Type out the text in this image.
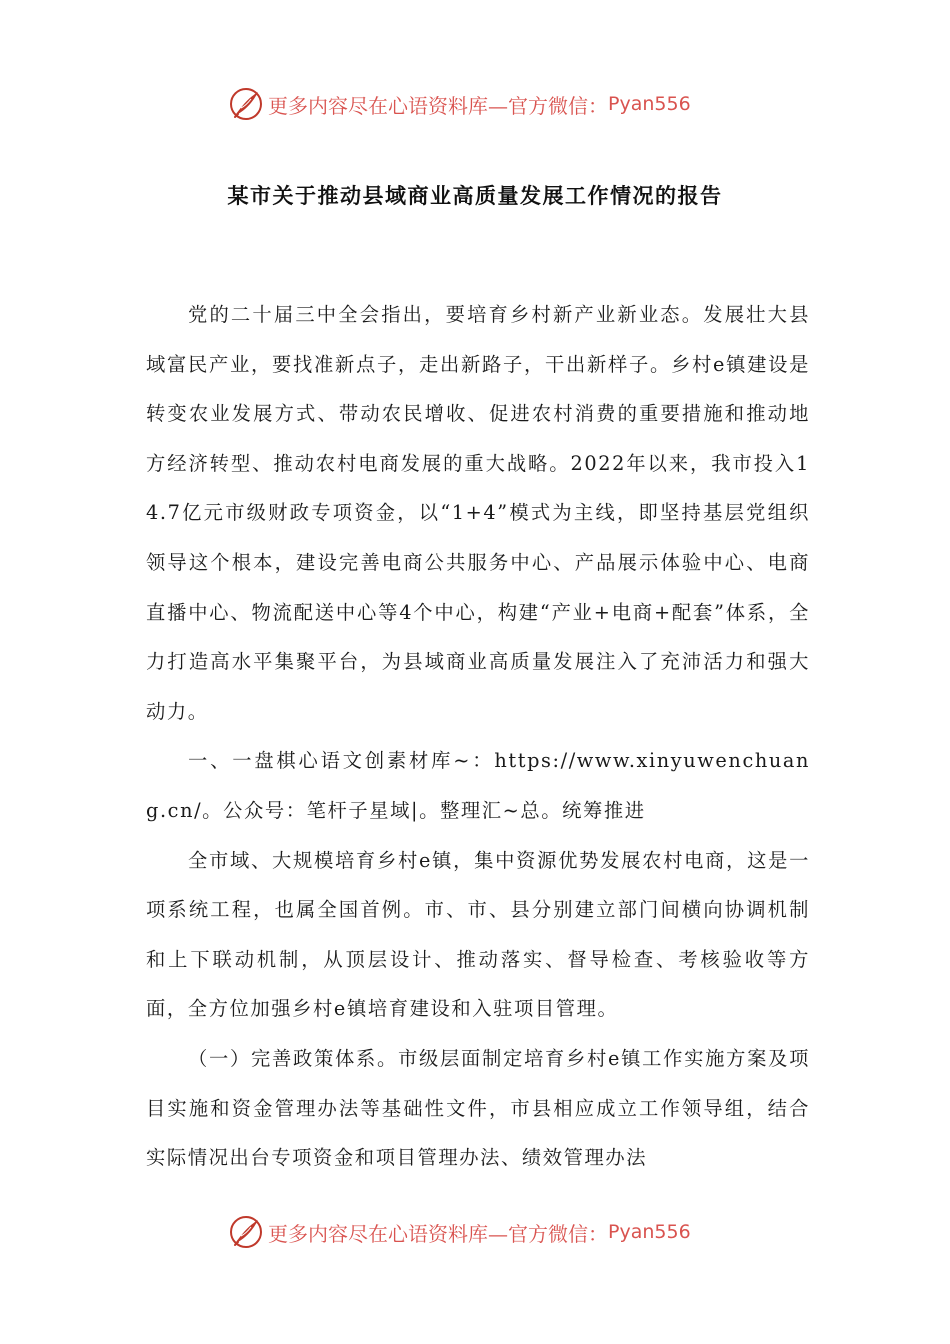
更多内容尽在心语资料库—官方微信： Pyan556
某市关于推动县域商业高质量发展工作情况的报告

党的二十届三中全会指出，要培育乡村新产业新业态。发展壮大县域富民产业，要找准新点子，走出新路子，干出新样子。乡村e镇建设是转变农业发展方式、带动农民增收、促进农村消费的重要措施和推动地方经济转型、推动农村电商发展的重大战略。2022年以来，我市投入14.7亿元市级财政专项资金，以“1+4”模式为主线，即坚持基层党组织领导这个根本，建设完善电商公共服务中心、产品展示体验中心、电商直播中心、物流配送中心等4个中心，构建“产业+电商+配套”体系，全力打造高水平集聚平台，为县域商业高质量发展注入了充沛活力和强大动力。

一、一盘棋心语文创素材库~：https://www.xinyuwenchuang.cn/。公众号：笔杆子星域|。整理汇~总。统筹推进

全市域、大规模培育乡村e镇，集中资源优势发展农村电商，这是一项系统工程，也属全国首例。市、市、县分别建立部门间横向协调机制和上下联动机制，从顶层设计、推动落实、督导检查、考核验收等方面，全方位加强乡村e镇培育建设和入驻项目管理。

（一）完善政策体系。市级层面制定培育乡村e镇工作实施方案及项目实施和资金管理办法等基础性文件，市县相应成立工作领导组，结合实际情况出台专项资金和项目管理办法、绩效管理办法

更多内容尽在心语资料库—官方微信： Pyan556
